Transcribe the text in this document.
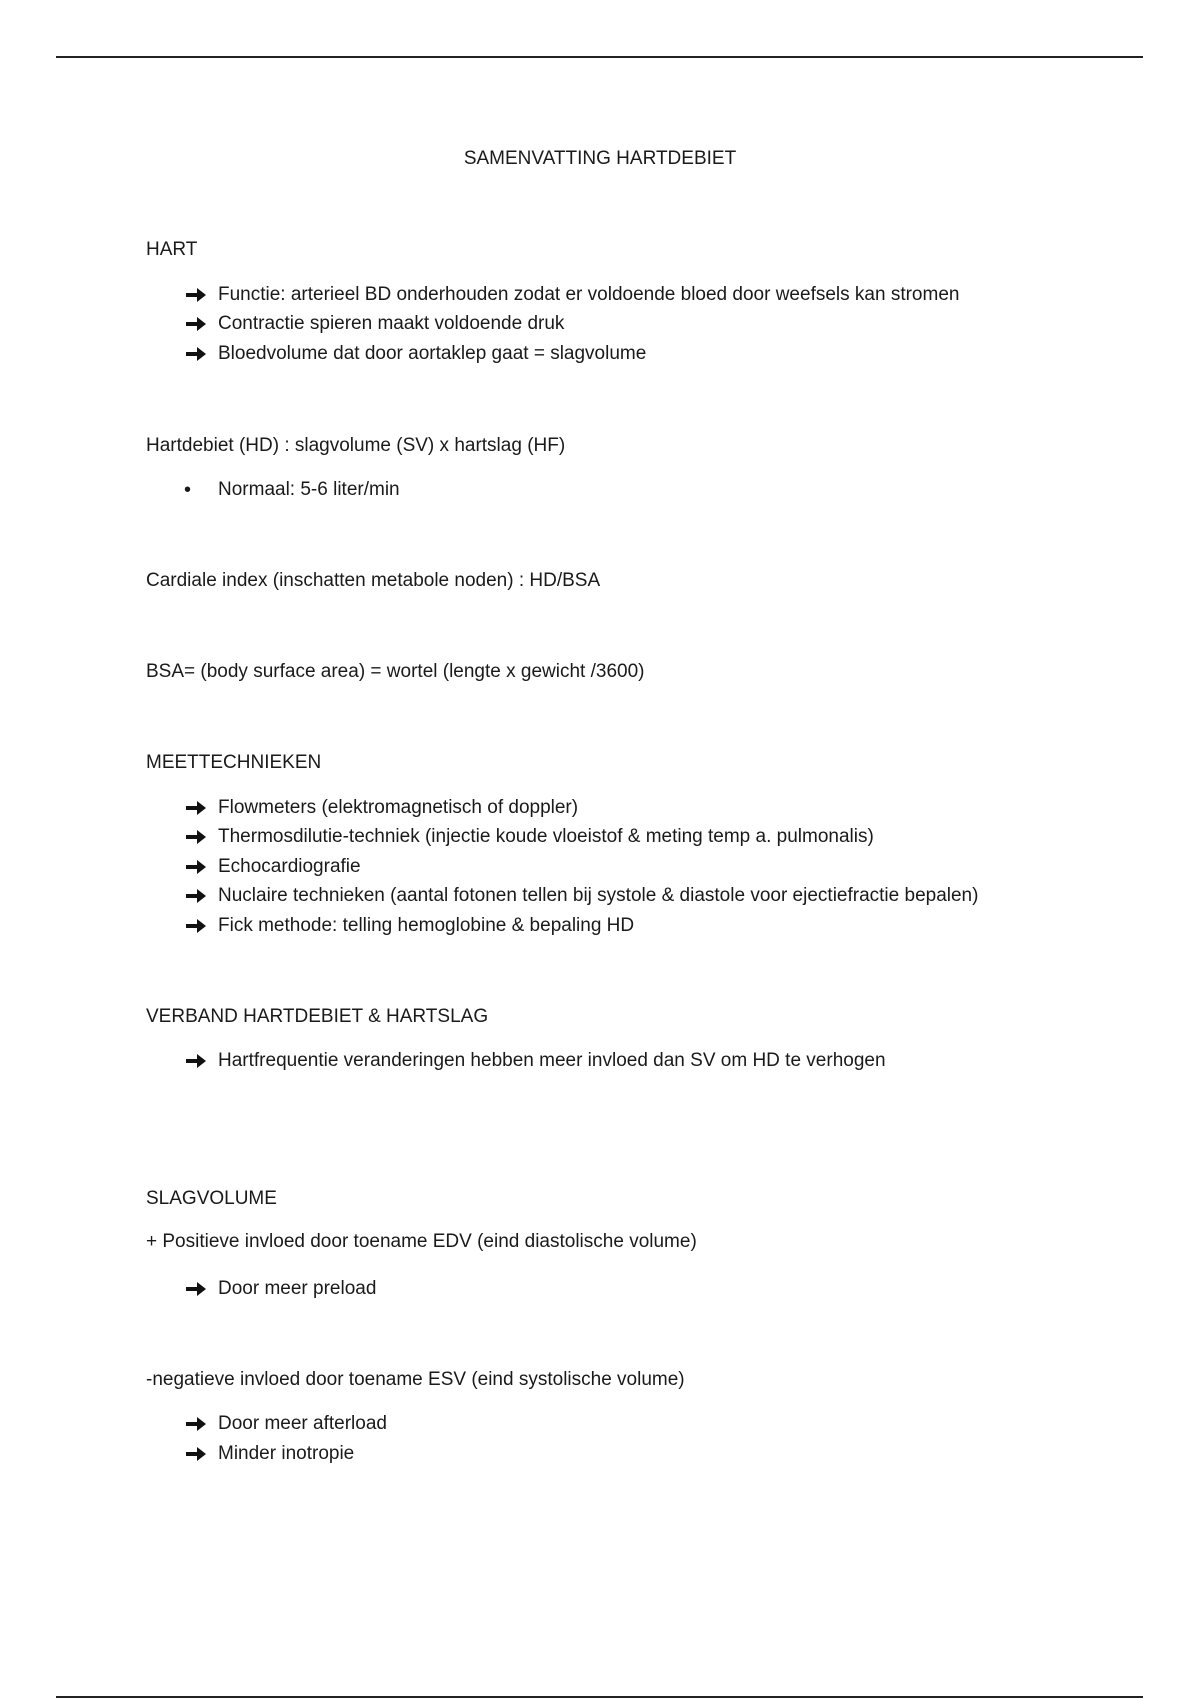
SAMENVATTING HARTDEBIET
HART
Functie: arterieel BD onderhouden zodat er voldoende bloed door weefsels kan stromen
Contractie spieren maakt voldoende druk
Bloedvolume dat door aortaklep gaat = slagvolume
Hartdebiet (HD) : slagvolume (SV) x hartslag (HF)
•	Normaal: 5-6 liter/min
Cardiale index (inschatten metabole noden) : HD/BSA
BSA= (body surface area) = wortel (lengte x gewicht /3600)
MEETTECHNIEKEN
Flowmeters (elektromagnetisch of doppler)
Thermosdilutie-techniek (injectie koude vloeistof & meting temp a. pulmonalis)
Echocardiografie
Nuclaire technieken (aantal fotonen tellen bij systole & diastole voor ejectiefractie bepalen)
Fick methode: telling hemoglobine & bepaling HD
VERBAND HARTDEBIET & HARTSLAG
Hartfrequentie veranderingen hebben meer invloed dan SV om HD te verhogen
SLAGVOLUME
+ Positieve invloed door toename EDV (eind diastolische volume)
Door meer preload
-negatieve invloed door toename ESV (eind systolische volume)
Door meer afterload
Minder inotropie
